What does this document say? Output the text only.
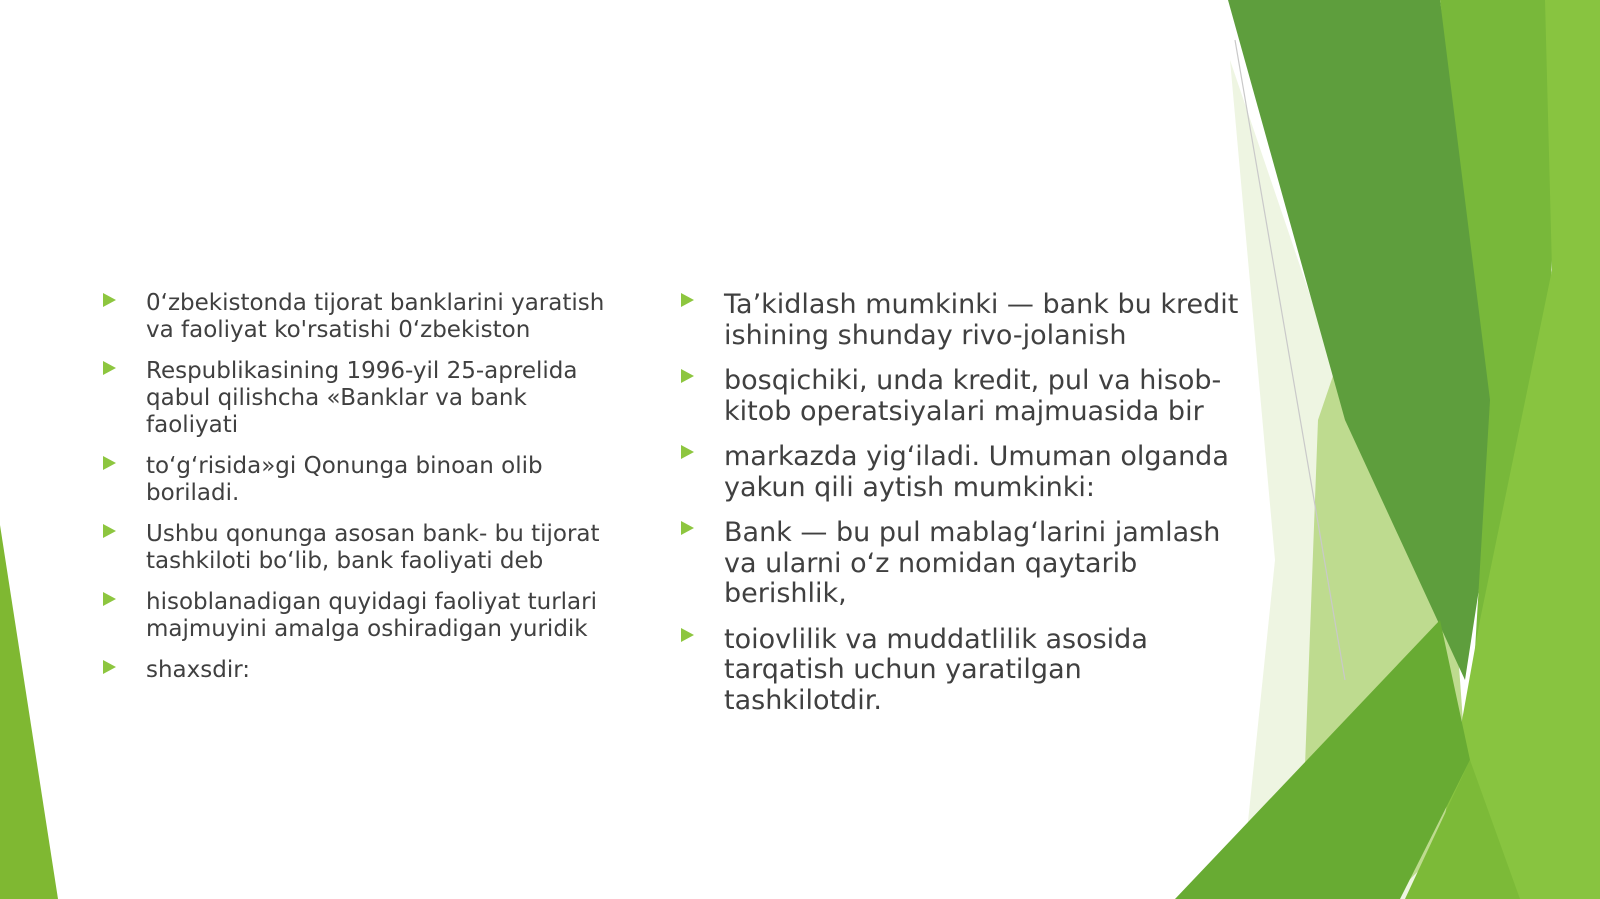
0‘zbekistonda tijorat banklarini yaratish va faoliyat ko'rsatishi 0‘zbekiston
Respublikasining 1996-yil 25-aprelida qabul qilishcha «Banklar va bank faoliyati
to‘g‘risida»gi Qonunga binoan olib boriladi.
Ushbu qonunga asosan bank- bu tijorat tashkiloti bo‘lib, bank faoliyati deb
hisoblanadigan quyidagi faoliyat turlari majmuyini amalga oshiradigan yuridik
shaxsdir:
Ta’kidlash mumkinki — bank bu kredit ishining shunday rivo-jolanish
bosqichiki, unda kredit, pul va hisob-kitob operatsiyalari majmuasida bir
markazda yig‘iladi. Umuman olganda yakun qili aytish mumkinki:
Bank — bu pul mablag‘larini jamlash va ularni o‘z nomidan qaytarib berishlik,
toiovlilik va muddatlilik asosida tarqatish uchun yaratilgan tashkilotdir.
